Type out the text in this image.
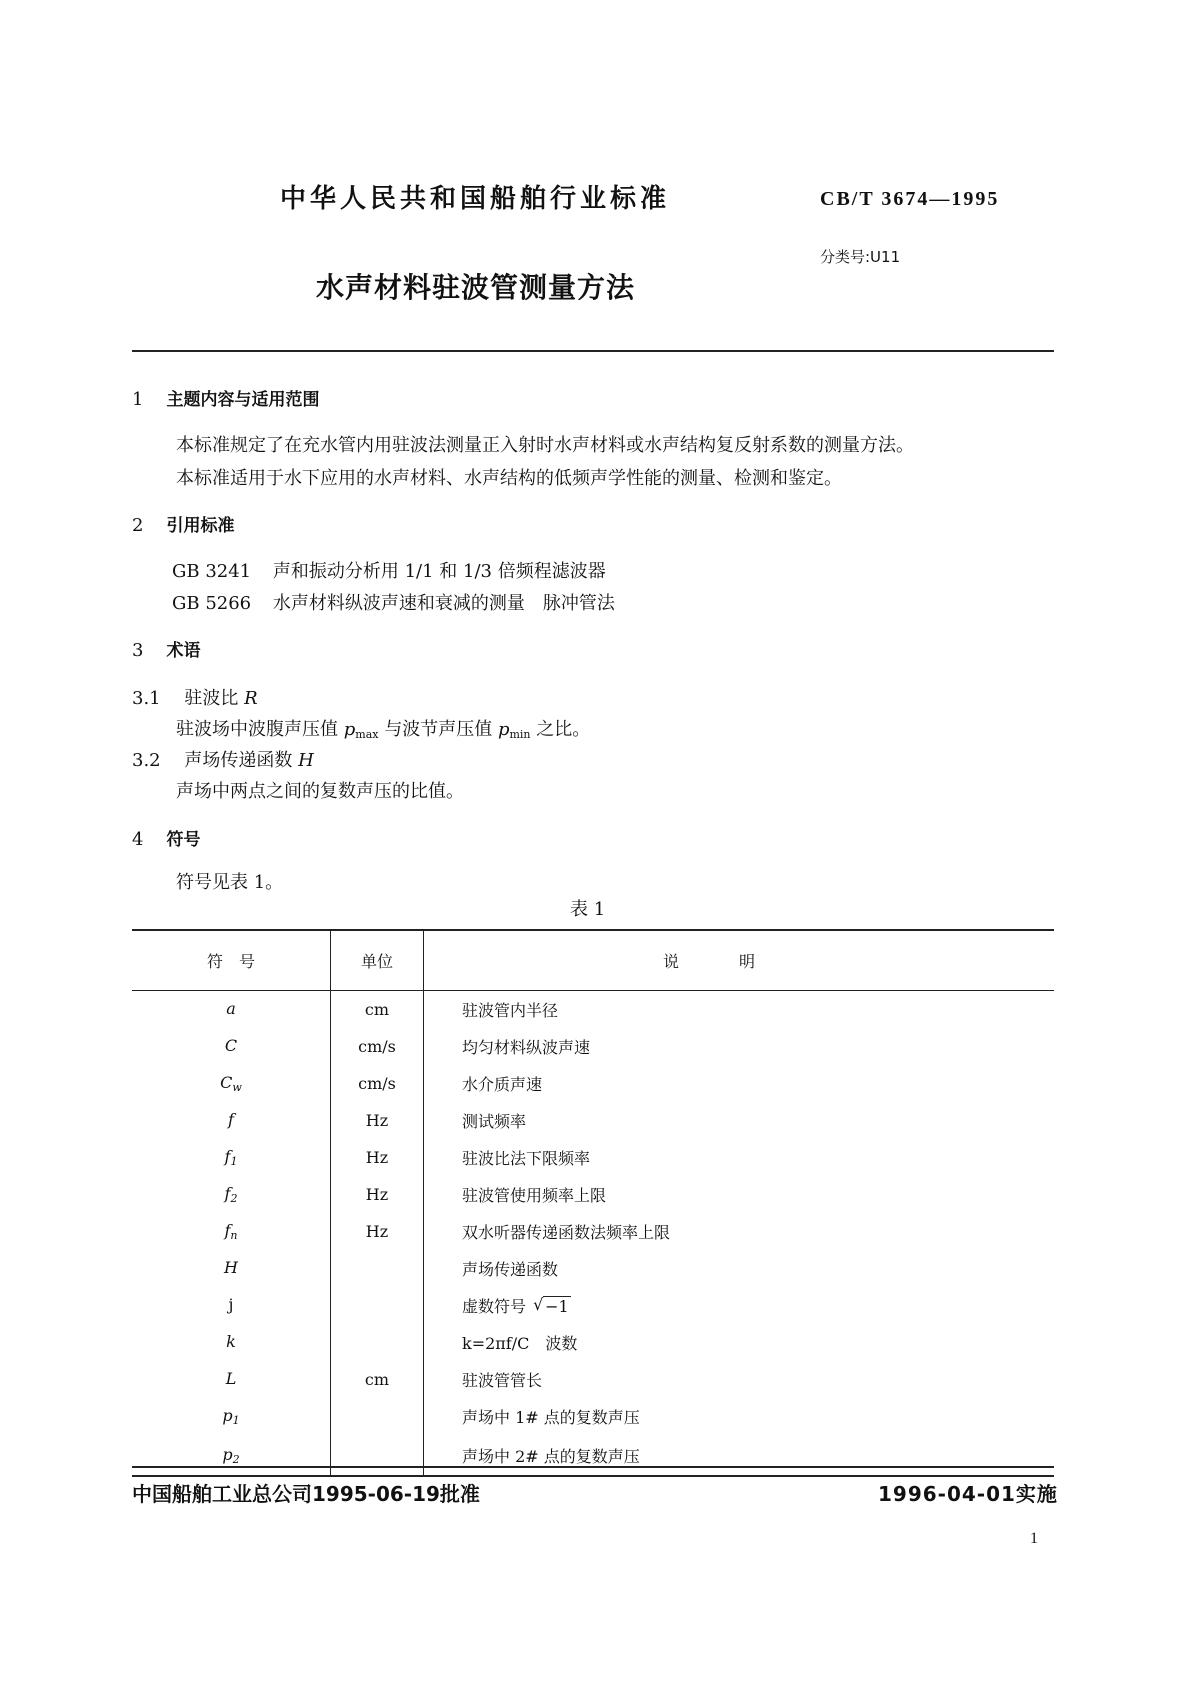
中华人民共和国船舶行业标准	CB/T 3674—1995
分类号:U11
水声材料驻波管测量方法
1 主题内容与适用范围
本标准规定了在充水管内用驻波法测量正入射时水声材料或水声结构复反射系数的测量方法。
本标准适用于水下应用的水声材料、水声结构的低频声学性能的测量、检测和鉴定。
2 引用标准
GB 3241 声和振动分析用 1/1 和 1/3 倍频程滤波器
GB 5266 水声材料纵波声速和衰减的测量　脉冲管法
3 术语
3.1 驻波比 R
驻波场中波腹声压值 $p_{max}$ 与波节声压值 $p_{min}$ 之比。
3.2 声场传递函数 H
声场中两点之间的复数声压的比值。
4 符号
符号见表 1。
表 1
符　号	单位	说明
a	cm	驻波管内半径
C	cm/s	均匀材料纵波声速
$C_w$	cm/s	水介质声速
f	Hz	测试频率
$f_1$	Hz	驻波比法下限频率
$f_2$	Hz	驻波管使用频率上限
$f_n$	Hz	双水听器传递函数法频率上限
H		声场传递函数
j		虚数符号 √ −1
k		k=2πf/C　波数
L	cm	驻波管管长
$p_1$		声场中 1# 点的复数声压
$p_2$		声场中 2# 点的复数声压
中国船舶工业总公司1995-06-19批准	1996-04-01实施
1
